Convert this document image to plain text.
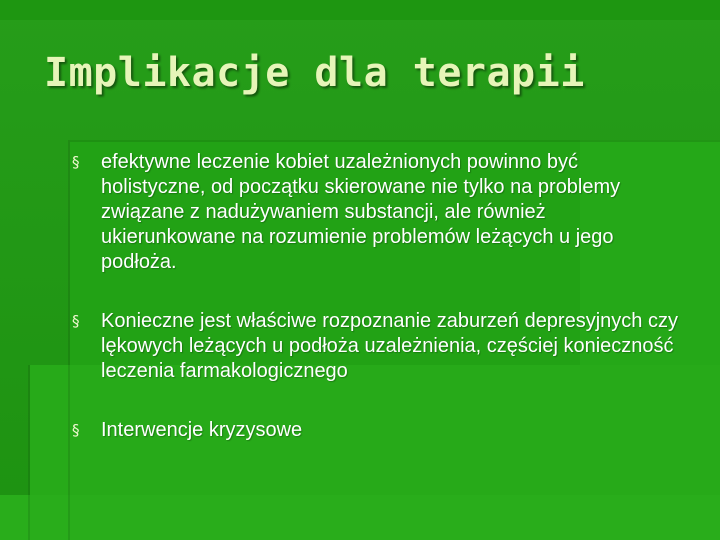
Implikacje dla terapii
§ efektywne leczenie kobiet uzależnionych powinno być holistyczne, od początku skierowane nie tylko na problemy związane z nadużywaniem substancji, ale również ukierunkowane na rozumienie problemów leżących u jego podłoża.
§ Konieczne jest właściwe rozpoznanie zaburzeń depresyjnych czy lękowych leżących u podłoża uzależnienia, częściej konieczność leczenia farmakologicznego
§ Interwencje kryzysowe
